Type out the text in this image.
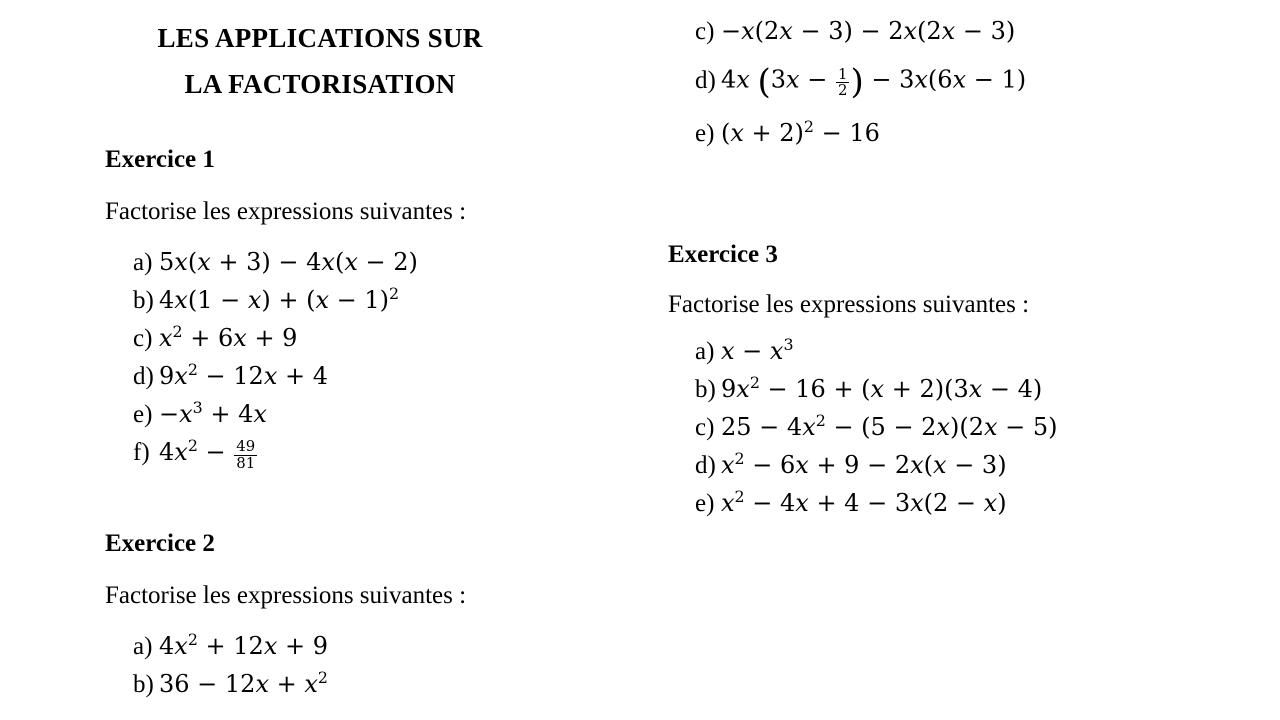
LES APPLICATIONS SUR
LA FACTORISATION
Exercice 1
Factorise les expressions suivantes :
a) 5x(x + 3) − 4x(x − 2)
b) $4x(1 - x) + (x - 1)^2$
c) $x^2 + 6x + 9$
d) $9x^2 - 12x + 4$
$e) -x^3 + 4x$
f) $4x^2 - \frac{49}{81}$
Exercice 2
Factorise les expressions suivantes :
a) $4x^2 + 12x + 9$
b) $36 - 12x + x^2$
c) −x(2x − 3) − 2x(2x − 3)
d) 4x ($3x - \frac{1}{2}$ ) − 3x(6x − 1)
e) $(x + 2)^2 - 16$
Exercice 3
Factorise les expressions suivantes :
a) $x - x^3$
b) $9x^2 - 16 + (x + 2)(3x - 4)$
c) $25 - 4x^2 - (5 - 2x)(2x - 5)$
d) $x^2 - 6x + 9 - 2x(x - 3)$
e) $x^2 - 4x + 4 - 3x(2 - x)$
